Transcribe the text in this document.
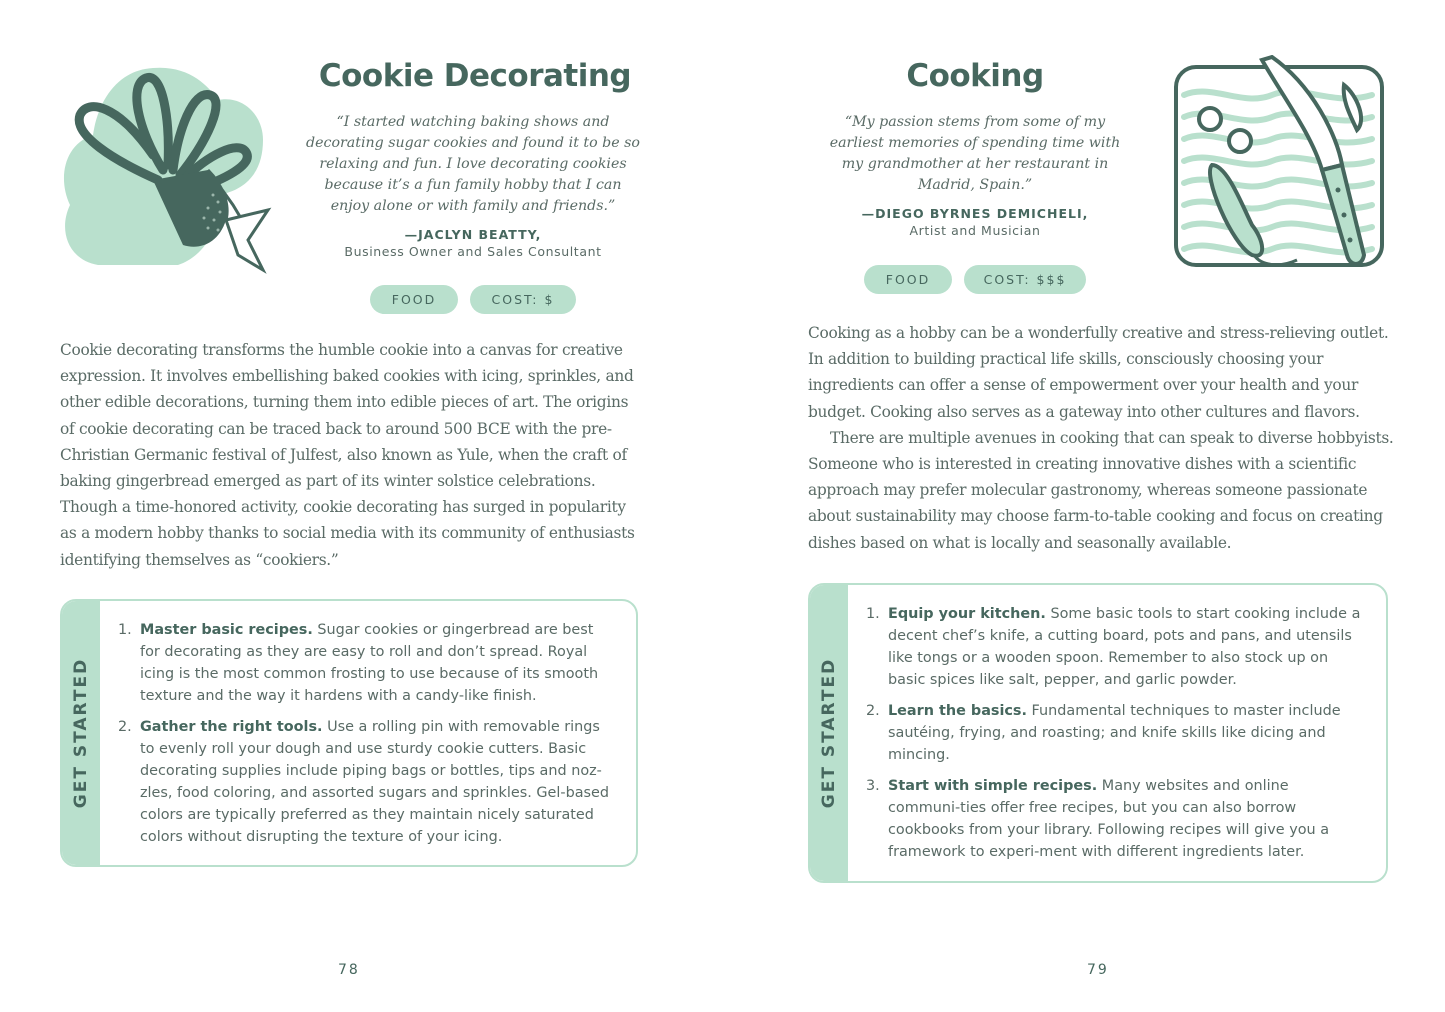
Cookie Decorating

“I started watching baking shows and decorating sugar cookies and found it to be so relaxing and fun. I love decorating cookies because it’s a fun family hobby that I can enjoy alone or with family and friends.”

—JACLYN BEATTY,
Business Owner and Sales Consultant
FOOD	COST: $

Cookie decorating transforms the humble cookie into a canvas for creative expression. It involves embellishing baked cookies with icing, sprinkles, and other edible decorations, turning them into edible pieces of art. The origins of cookie decorating can be traced back to around 500 BCE with the pre-Christian Germanic festival of Julfest, also known as Yule, when the craft of baking gingerbread emerged as part of its winter solstice celebrations. Though a time-honored activity, cookie decorating has surged in popularity as a modern hobby thanks to social media with its community of enthusiasts identifying themselves as “cookiers.”

GET STARTED
1. Master basic recipes. Sugar cookies or gingerbread are best for decorating as they are easy to roll and don’t spread. Royal icing is the most common frosting to use because of its smooth texture and the way it hardens with a candy-like finish.
2. Gather the right tools. Use a rolling pin with removable rings to evenly roll your dough and use sturdy cookie cutters. Basic decorating supplies include piping bags or bottles, tips and noz-zles, food coloring, and assorted sugars and sprinkles. Gel-based colors are typically preferred as they maintain nicely saturated colors without disrupting the texture of your icing.
78
Cooking

“My passion stems from some of my earliest memories of spending time with my grandmother at her restaurant in Madrid, Spain.”

—DIEGO BYRNES DEMICHELI,
Artist and Musician
FOOD	COST: $$$

Cooking as a hobby can be a wonderfully creative and stress-relieving outlet. In addition to building practical life skills, consciously choosing your ingredients can offer a sense of empowerment over your health and your budget. Cooking also serves as a gateway into other cultures and flavors.

There are multiple avenues in cooking that can speak to diverse hobbyists. Someone who is interested in creating innovative dishes with a scientific approach may prefer molecular gastronomy, whereas someone passionate about sustainability may choose farm-to-table cooking and focus on creating dishes based on what is locally and seasonally available.

GET STARTED
1. Equip your kitchen. Some basic tools to start cooking include a decent chef’s knife, a cutting board, pots and pans, and utensils like tongs or a wooden spoon. Remember to also stock up on basic spices like salt, pepper, and garlic powder.
2. Learn the basics. Fundamental techniques to master include sautéing, frying, and roasting; and knife skills like dicing and mincing.
3. Start with simple recipes. Many websites and online communi-ties offer free recipes, but you can also borrow cookbooks from your library. Following recipes will give you a framework to experi-ment with different ingredients later.
79
